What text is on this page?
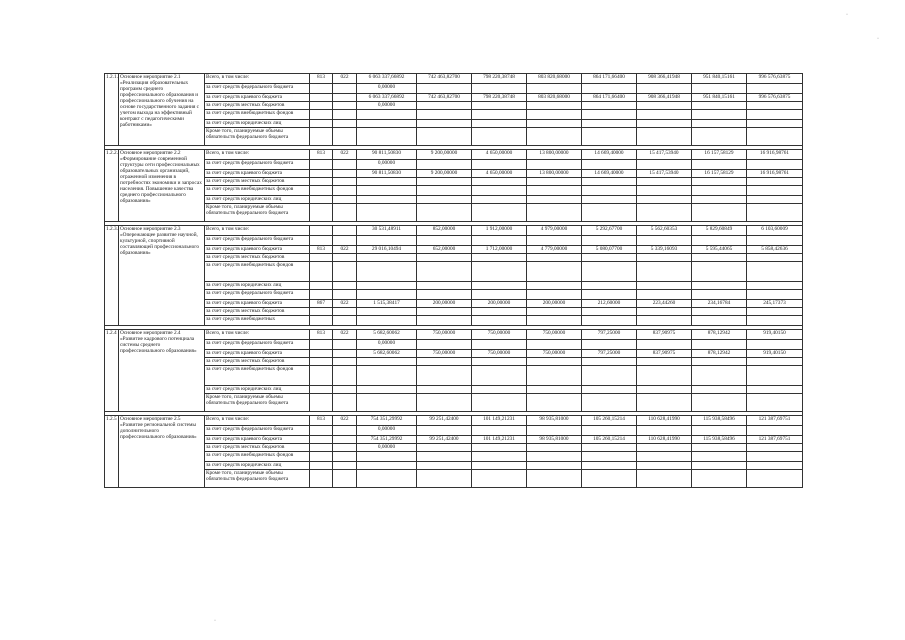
·
·
·
1.2.1.	Основное мероприятие 2.1 «Реализация образовательных программ среднего профессионального образования и профессионального обучения на основе государственного задания с учетом выхода на эффективный контракт с педагогическими работниками»	Всего, в том числе:	813	022	6 063 337,66892	742 463,82700	798 220,38748	803 820,68000	864 171,66400	908 366,41948	951 840,15161	996 576,63875
		за счет средств федерального бюджета			0,00000							
		за счет средств краевого бюджета			6 063 337,66892	742 463,82700	798 220,38748	803 820,68000	864 171,66400	908 366,41948	951 840,15161	996 576,63875
		за счет средств местных бюджетов			0,00000							
		за счет средств внебюджетных фондов										
		за счет средств юридических лиц										
		Кроме того, планируемые объемы обязательств федерального бюджета										

1.2.2.	Основное мероприятие 2.2 «Формирование современной структуры сети профессиональных образовательных организаций, отраженной изменения в потребностях экономики и запросах населения. Повышение качества среднего профессионального образования»	Всего, в том числе:	813	022	90 811,50830	9 200,00000	4 650,00000	13 800,00000	14 669,40000	15 417,53940	16 157,58129	16 916,98761
		за счет средств федерального бюджета			0,00000							
		за счет средств краевого бюджета			90 811,50830	9 200,00000	4 650,00000	13 800,00000	14 669,40000	15 417,53940	16 157,58129	16 916,98761
		за счет средств местных бюджетов										
		за счет средств внебюджетных фондов										
		за счет средств юридических лиц										
		Кроме того, планируемые объемы обязательств федерального бюджета										

1.2.3.	Основное мероприятие 2.3 «Опережающее развитие научной, культурной, спортивной составляющей профессионального образования»	Всего, в том числе:			30 531,48911	852,00000	1 912,00000	4 979,00000	5 292,67700	5 562,60353	5 829,60849	6 103,60009
		за счет средств федерального бюджета										
		за счет средств краевого бюджета	813	022	29 016,10494	652,00000	1 712,00000	4 779,00000	5 080,07700	5 339,16093	5 595,44065	5 858,42636
		за счет средств местных бюджетов										
		за счет средств внебюджетных фондов										
		за счет средств юридических лиц										
		за счет средств федерального бюджета										
		за счет средств краевого бюджета	867	022	1 515,38417	200,00000	200,00000	200,00000	212,60000	223,44260	234,16784	245,17373
		за счет средств местных бюджетов										
		за счет средств внебюджетных										

1.2.4	Основное мероприятие 2.4 «Развитие кадрового потенциала системы среднего профессионального образования»	Всего, в том числе:	813	022	5 682,60062	750,00000	750,00000	750,00000	797,25000	837,90975	878,12942	919,40150
		за счет средств федерального бюджета			0,00000							
		за счет средств краевого бюджета			5 682,60062	750,00000	750,00000	750,00000	797,25000	837,90975	878,12942	919,40150
		за счет средств местных бюджетов										
		за счет средств внебюджетных фондов										
		за счет средств юридических лиц										
		Кроме того, планируемые объемы обязательств федерального бюджета										

1.2.5	Основное мероприятие 2.5 «Развитие региональной системы дополнительного профессионального образования»	Всего, в том числе:	813	022	754 351,29992	99 251,42400	101 149,21231	98 935,81000	105 260,15214	110 628,41990	115 938,58496	121 387,69751
		за счет средств федерального бюджета			0,00000							
		за счет средств краевого бюджета			754 351,29992	99 251,42400	101 149,21231	98 935,81000	105 260,15214	110 628,41990	115 938,58496	121 387,69751
		за счет средств местных бюджетов			0,00000							
		за счет средств внебюджетных фондов										
		за счет средств юридических лиц										
		Кроме того, планируемые объемы обязательств федерального бюджета										
